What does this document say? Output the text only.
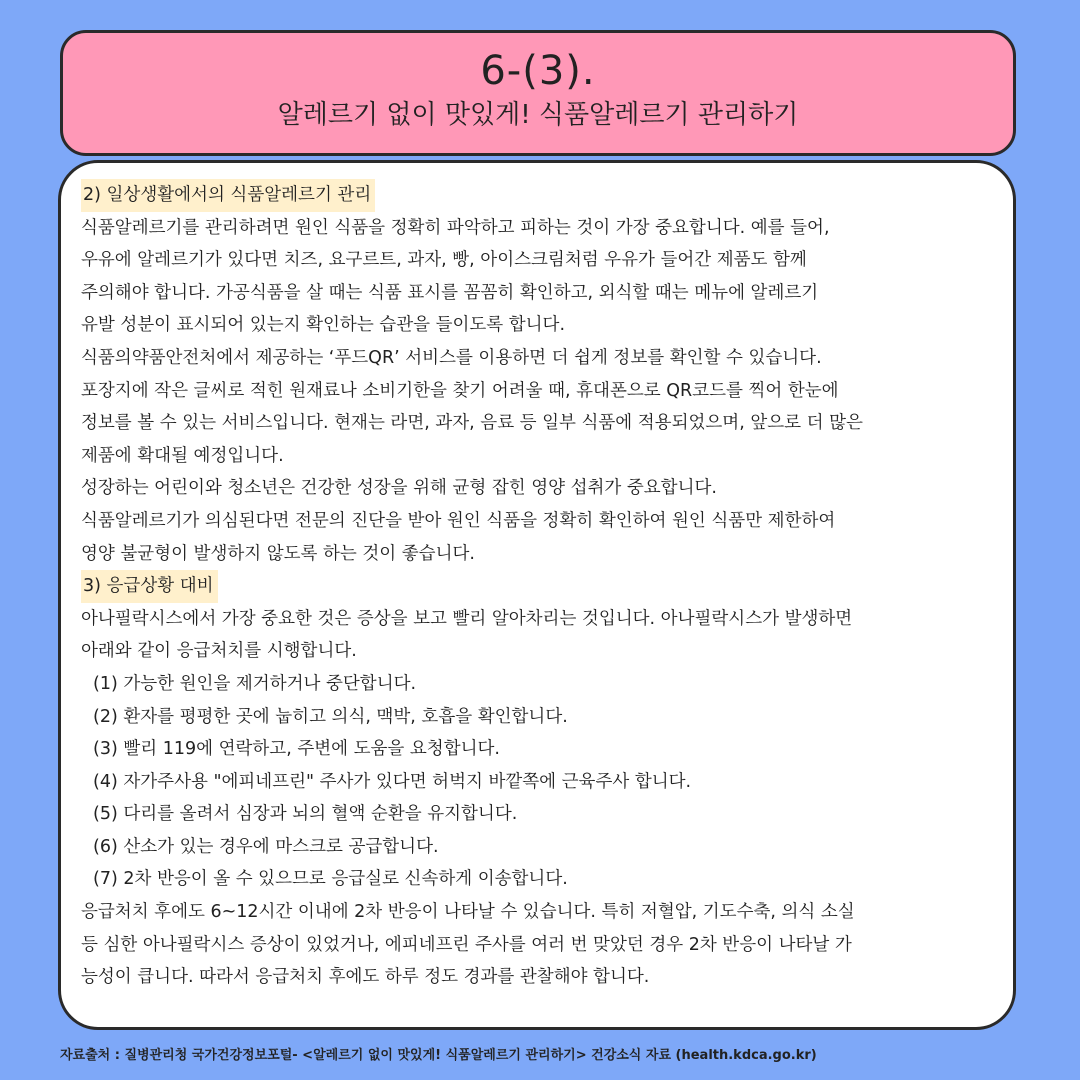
6-(3).
알레르기 없이 맛있게! 식품알레르기 관리하기
2) 일상생활에서의 식품알레르기 관리
식품알레르기를 관리하려면 원인 식품을 정확히 파악하고 피하는 것이 가장 중요합니다. 예를 들어,
우유에 알레르기가 있다면 치즈, 요구르트, 과자, 빵, 아이스크림처럼 우유가 들어간 제품도 함께
주의해야 합니다. 가공식품을 살 때는 식품 표시를 꼼꼼히 확인하고, 외식할 때는 메뉴에 알레르기
유발 성분이 표시되어 있는지 확인하는 습관을 들이도록 합니다.
식품의약품안전처에서 제공하는 ‘푸드QR’ 서비스를 이용하면 더 쉽게 정보를 확인할 수 있습니다.
포장지에 작은 글씨로 적힌 원재료나 소비기한을 찾기 어려울 때, 휴대폰으로 QR코드를 찍어 한눈에
정보를 볼 수 있는 서비스입니다. 현재는 라면, 과자, 음료 등 일부 식품에 적용되었으며, 앞으로 더 많은
제품에 확대될 예정입니다.
성장하는 어린이와 청소년은 건강한 성장을 위해 균형 잡힌 영양 섭취가 중요합니다.
식품알레르기가 의심된다면 전문의 진단을 받아 원인 식품을 정확히 확인하여 원인 식품만 제한하여
영양 불균형이 발생하지 않도록 하는 것이 좋습니다.
3) 응급상황 대비
아나필락시스에서 가장 중요한 것은 증상을 보고 빨리 알아차리는 것입니다. 아나필락시스가 발생하면
아래와 같이 응급처치를 시행합니다.
(1) 가능한 원인을 제거하거나 중단합니다.
(2) 환자를 평평한 곳에 눕히고 의식, 맥박, 호흡을 확인합니다.
(3) 빨리 119에 연락하고, 주변에 도움을 요청합니다.
(4) 자가주사용 "에피네프린" 주사가 있다면 허벅지 바깥쪽에 근육주사 합니다.
(5) 다리를 올려서 심장과 뇌의 혈액 순환을 유지합니다.
(6) 산소가 있는 경우에 마스크로 공급합니다.
(7) 2차 반응이 올 수 있으므로 응급실로 신속하게 이송합니다.
응급처치 후에도 6~12시간 이내에 2차 반응이 나타날 수 있습니다. 특히 저혈압, 기도수축, 의식 소실
등 심한 아나필락시스 증상이 있었거나, 에피네프린 주사를 여러 번 맞았던 경우 2차 반응이 나타날 가
능성이 큽니다. 따라서 응급처치 후에도 하루 정도 경과를 관찰해야 합니다.
자료출처 : 질병관리청 국가건강정보포털- <알레르기 없이 맛있게! 식품알레르기 관리하기> 건강소식 자료 (health.kdca.go.kr)
